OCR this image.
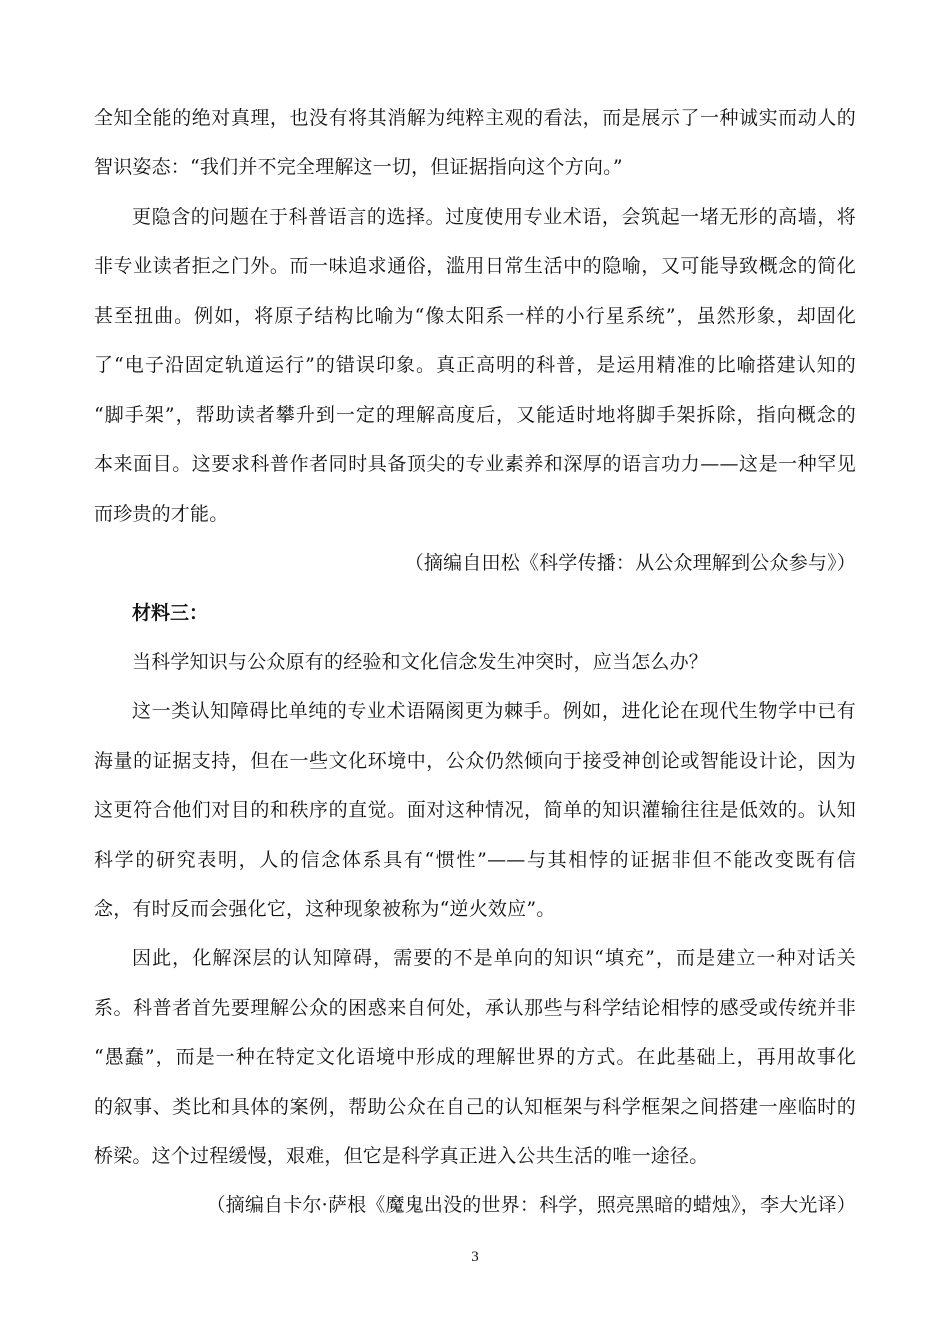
全知全能的绝对真理，也没有将其消解为纯粹主观的看法，而是展示了一种诚实而动人的
智识姿态：“我们并不完全理解这一切，但证据指向这个方向。”
更隐含的问题在于科普语言的选择。过度使用专业术语，会筑起一堵无形的高墙，将
非专业读者拒之门外。而一味追求通俗，滥用日常生活中的隐喻，又可能导致概念的简化
甚至扭曲。例如，将原子结构比喻为“像太阳系一样的小行星系统”，虽然形象，却固化
了“电子沿固定轨道运行”的错误印象。真正高明的科普，是运用精准的比喻搭建认知的
“脚手架”，帮助读者攀升到一定的理解高度后，又能适时地将脚手架拆除，指向概念的
本来面目。这要求科普作者同时具备顶尖的专业素养和深厚的语言功力——这是一种罕见
而珍贵的才能。
（摘编自田松《科学传播：从公众理解到公众参与》）
材料三：
当科学知识与公众原有的经验和文化信念发生冲突时，应当怎么办？
这一类认知障碍比单纯的专业术语隔阂更为棘手。例如，进化论在现代生物学中已有
海量的证据支持，但在一些文化环境中，公众仍然倾向于接受神创论或智能设计论，因为
这更符合他们对目的和秩序的直觉。面对这种情况，简单的知识灌输往往是低效的。认知
科学的研究表明，人的信念体系具有“惯性”——与其相悖的证据非但不能改变既有信
念，有时反而会强化它，这种现象被称为“逆火效应”。
因此，化解深层的认知障碍，需要的不是单向的知识“填充”，而是建立一种对话关
系。科普者首先要理解公众的困惑来自何处，承认那些与科学结论相悖的感受或传统并非
“愚蠢”，而是一种在特定文化语境中形成的理解世界的方式。在此基础上，再用故事化
的叙事、类比和具体的案例，帮助公众在自己的认知框架与科学框架之间搭建一座临时的
桥梁。这个过程缓慢，艰难，但它是科学真正进入公共生活的唯一途径。
（摘编自卡尔·萨根《魔鬼出没的世界：科学，照亮黑暗的蜡烛》，李大光译）
3
